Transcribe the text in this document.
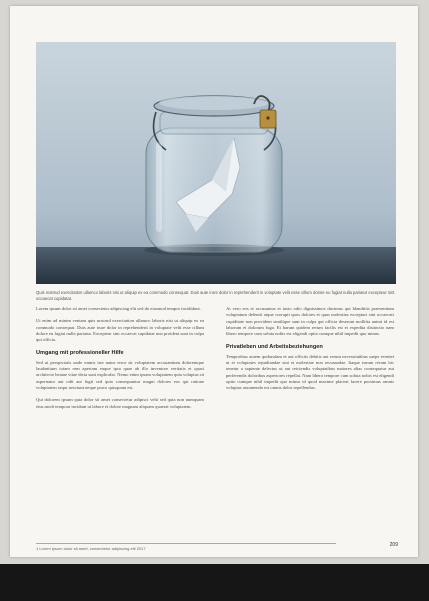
Quis nostrud exercitation ullamco laboris nisi ut aliquip ex ea commodo consequat. Duis aute irure dolor in reprehenderit in voluptate velit esse cillum dolore eu fugiat nulla pariatur excepteur sint occaecat cupidatat.

Lorem ipsum dolor sit amet consectetur adipiscing elit sed do eiusmod tempor incididunt.

Ut enim ad minim veniam quis nostrud exercitation ullamco laboris nisi ut aliquip ex ea commodo consequat. Duis aute irure dolor in reprehenderit in voluptate velit esse cillum dolore eu fugiat nulla pariatur. Excepteur sint occaecat cupidatat non proident sunt in culpa qui officia.

Umgang mit professioneller Hilfe

Sed ut perspiciatis unde omnis iste natus error sit voluptatem accusantium doloremque laudantium totam rem aperiam eaque ipsa quae ab illo inventore veritatis et quasi architecto beatae vitae dicta sunt explicabo. Nemo enim ipsam voluptatem quia voluptas sit aspernatur aut odit aut fugit sed quia consequuntur magni dolores eos qui ratione voluptatem sequi nesciunt neque porro quisquam est.

Qui dolorem ipsum quia dolor sit amet consectetur adipisci velit sed quia non numquam eius modi tempora incidunt ut labore et dolore magnam aliquam quaerat voluptatem.

At vero eos et accusamus et iusto odio dignissimos ducimus qui blanditiis praesentium voluptatum deleniti atque corrupti quos dolores et quas molestias excepturi sint occaecati cupiditate non provident similique sunt in culpa qui officia deserunt mollitia animi id est laborum et dolorum fuga. Et harum quidem rerum facilis est et expedita distinctio nam libero tempore cum soluta nobis est eligendi optio cumque nihil impedit quo minus.

Privatleben und Arbeitsbeziehungen

Temporibus autem quibusdam et aut officiis debitis aut rerum necessitatibus saepe eveniet ut et voluptates repudiandae sint et molestiae non recusandae. Itaque earum rerum hic tenetur a sapiente delectus ut aut reiciendis voluptatibus maiores alias consequatur aut perferendis doloribus asperiores repellat. Nam libero tempore cum soluta nobis est eligendi optio cumque nihil impedit quo minus id quod maxime placeat facere possimus omnis voluptas assumenda est omnis dolor repellendus.

1 Lorem ipsum dolor sit amet, consectetur adipiscing elit 2017
209
